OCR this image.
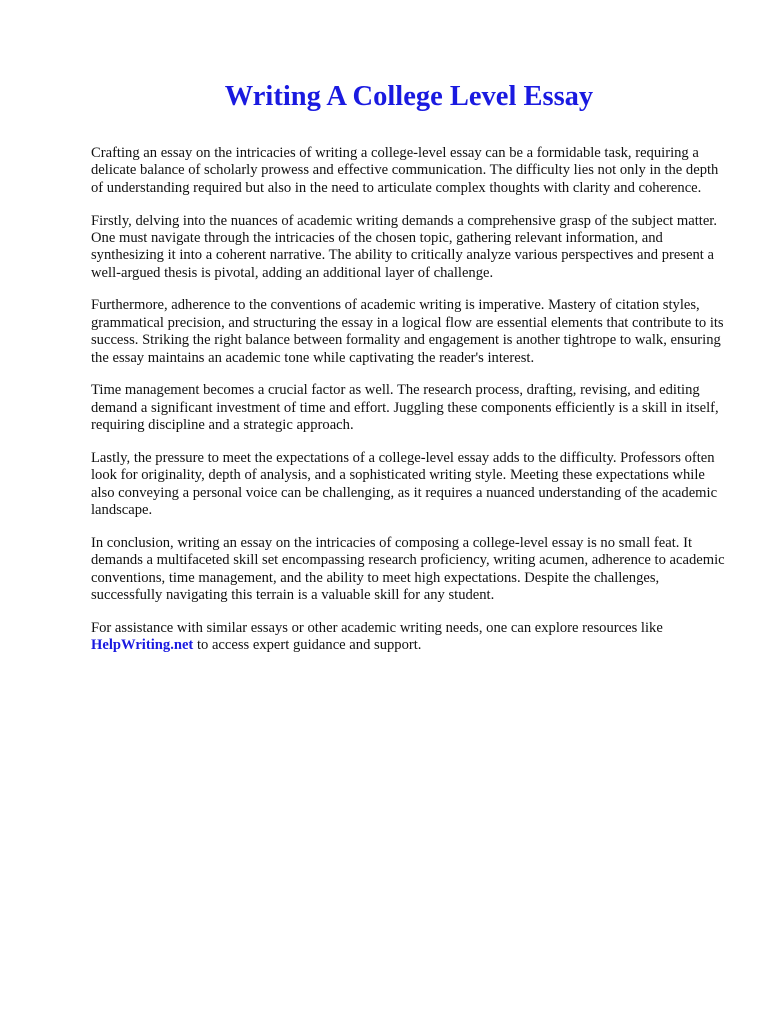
Writing A College Level Essay

Crafting an essay on the intricacies of writing a college-level essay can be a formidable task, requiring a delicate balance of scholarly prowess and effective communication. The difficulty lies not only in the depth of understanding required but also in the need to articulate complex thoughts with clarity and coherence.

Firstly, delving into the nuances of academic writing demands a comprehensive grasp of the subject matter. One must navigate through the intricacies of the chosen topic, gathering relevant information, and synthesizing it into a coherent narrative. The ability to critically analyze various perspectives and present a well-argued thesis is pivotal, adding an additional layer of challenge.

Furthermore, adherence to the conventions of academic writing is imperative. Mastery of citation styles, grammatical precision, and structuring the essay in a logical flow are essential elements that contribute to its success. Striking the right balance between formality and engagement is another tightrope to walk, ensuring the essay maintains an academic tone while captivating the reader's interest.

Time management becomes a crucial factor as well. The research process, drafting, revising, and editing demand a significant investment of time and effort. Juggling these components efficiently is a skill in itself, requiring discipline and a strategic approach.

Lastly, the pressure to meet the expectations of a college-level essay adds to the difficulty. Professors often look for originality, depth of analysis, and a sophisticated writing style. Meeting these expectations while also conveying a personal voice can be challenging, as it requires a nuanced understanding of the academic landscape.

In conclusion, writing an essay on the intricacies of composing a college-level essay is no small feat. It demands a multifaceted skill set encompassing research proficiency, writing acumen, adherence to academic conventions, time management, and the ability to meet high expectations. Despite the challenges, successfully navigating this terrain is a valuable skill for any student.

For assistance with similar essays or other academic writing needs, one can explore resources like
HelpWriting.net to access expert guidance and support.
